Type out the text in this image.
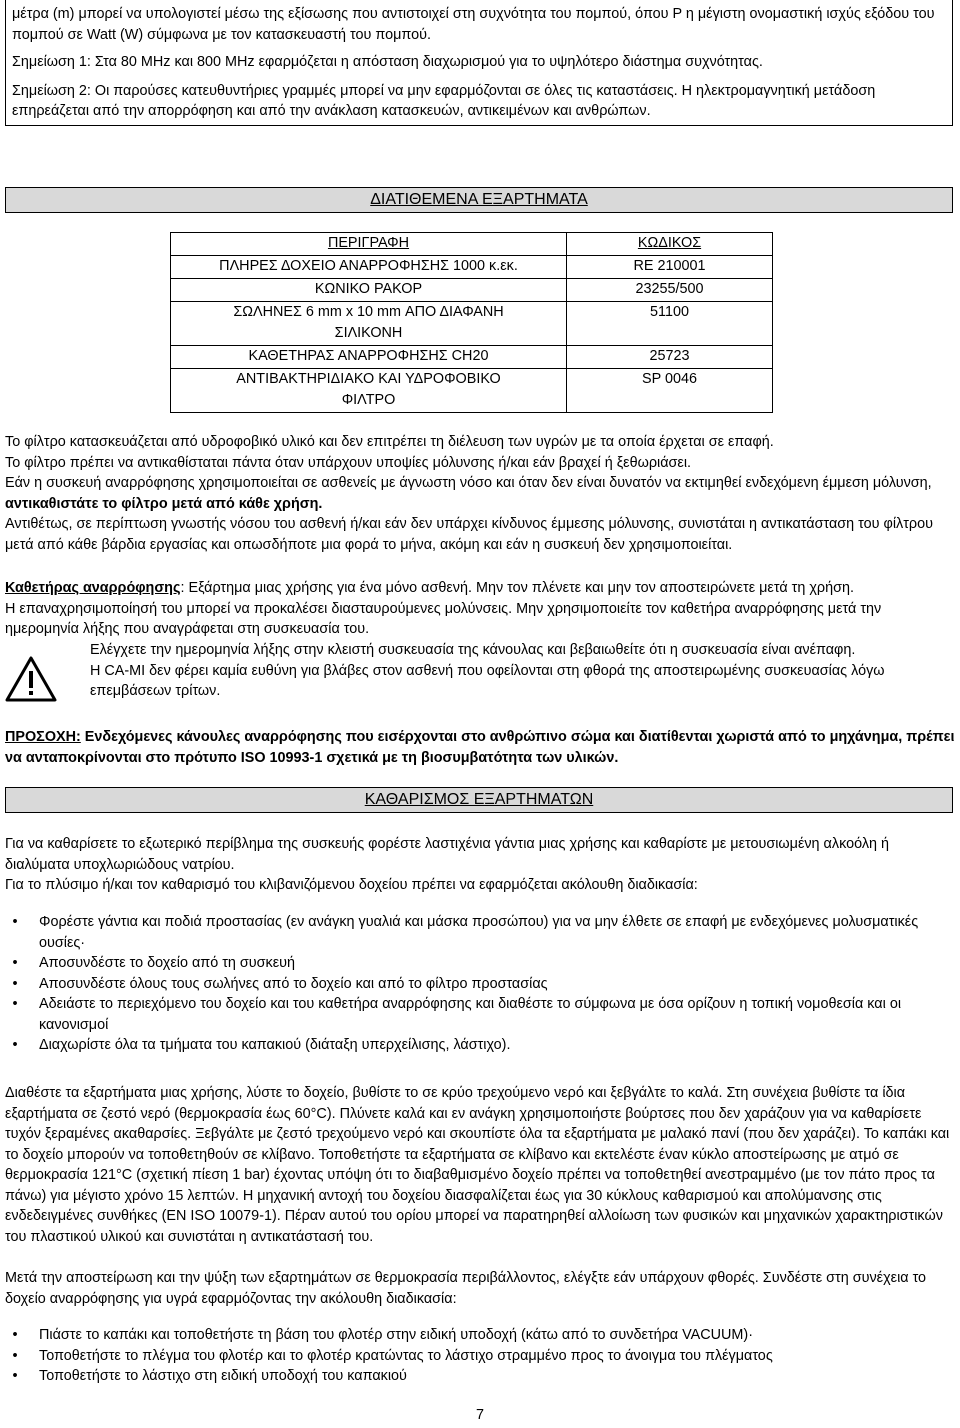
μέτρα (m) μπορεί να υπολογιστεί μέσω της εξίσωσης που αντιστοιχεί στη συχνότητα του πομπού, όπου P η μέγιστη ονομαστική ισχύς εξόδου του πομπού σε Watt (W) σύμφωνα με τον κατασκευαστή του πομπού.

Σημείωση 1: Στα 80 MHz και 800 MHz εφαρμόζεται η απόσταση διαχωρισμού για το υψηλότερο διάστημα συχνότητας.

Σημείωση 2: Οι παρούσες κατευθυντήριες γραμμές μπορεί να μην εφαρμόζονται σε όλες τις καταστάσεις. Η ηλεκτρομαγνητική μετάδοση επηρεάζεται από την απορρόφηση και από την ανάκλαση κατασκευών, αντικειμένων και ανθρώπων.

ΔΙΑΤΙΘΕΜΕΝΑ ΕΞΑΡΤΗΜΑΤΑ
ΠΕΡΙΓΡΑΦΗ	ΚΩΔΙΚΟΣ
ΠΛΗΡΕΣ ΔΟΧΕΙΟ ΑΝΑΡΡΟΦΗΣΗΣ 1000 κ.εκ.	RE 210001
ΚΩΝΙΚΟ ΡΑΚΟΡ	23255/500
ΣΩΛΗΝΕΣ 6 mm x 10 mm ΑΠΟ ΔΙΑΦΑΝΗ ΣΙΛΙΚΟΝΗ	51100
ΚΑΘΕΤΗΡΑΣ ΑΝΑΡΡΟΦΗΣΗΣ CH20	25723
ΑΝΤΙΒΑΚΤΗΡΙΔΙΑΚΟ ΚΑΙ ΥΔΡΟΦΟΒΙΚΟ ΦΙΛΤΡΟ	SP 0046

Το φίλτρο κατασκευάζεται από υδροφοβικό υλικό και δεν επιτρέπει τη διέλευση των υγρών με τα οποία έρχεται σε επαφή.

Το φίλτρο πρέπει να αντικαθίσταται πάντα όταν υπάρχουν υποψίες μόλυνσης ή/και εάν βραχεί ή ξεθωριάσει.

Εάν η συσκευή αναρρόφησης χρησιμοποιείται σε ασθενείς με άγνωστη νόσο και όταν δεν είναι δυνατόν να εκτιμηθεί ενδεχόμενη έμμεση μόλυνση, αντικαθιστάτε το φίλτρο μετά από κάθε χρήση.

Αντιθέτως, σε περίπτωση γνωστής νόσου του ασθενή ή/και εάν δεν υπάρχει κίνδυνος έμμεσης μόλυνσης, συνιστάται η αντικατάσταση του φίλτρου μετά από κάθε βάρδια εργασίας και οπωσδήποτε μια φορά το μήνα, ακόμη και εάν η συσκευή δεν χρησιμοποιείται.

Καθετήρας αναρρόφησης: Εξάρτημα μιας χρήσης για ένα μόνο ασθενή. Μην τον πλένετε και μην τον αποστειρώνετε μετά τη χρήση.

Η επαναχρησιμοποίησή του μπορεί να προκαλέσει διασταυρούμενες μολύνσεις. Μην χρησιμοποιείτε τον καθετήρα αναρρόφησης μετά την ημερομηνία λήξης που αναγράφεται στη συσκευασία του.

Ελέγχετε την ημερομηνία λήξης στην κλειστή συσκευασία της κάνουλας και βεβαιωθείτε ότι η συσκευασία είναι ανέπαφη.

Η CA-MI δεν φέρει καμία ευθύνη για βλάβες στον ασθενή που οφείλονται στη φθορά της αποστειρωμένης συσκευασίας λόγω επεμβάσεων τρίτων.

ΠΡΟΣΟΧΗ: Ενδεχόμενες κάνουλες αναρρόφησης που εισέρχονται στο ανθρώπινο σώμα και διατίθενται χωριστά από το μηχάνημα, πρέπει να ανταποκρίνονται στο πρότυπο ISO 10993-1 σχετικά με τη βιοσυμβατότητα των υλικών.

ΚΑΘΑΡΙΣΜΟΣ ΕΞΑΡΤΗΜΑΤΩΝ

Για να καθαρίσετε το εξωτερικό περίβλημα της συσκευής φορέστε λαστιχένια γάντια μιας χρήσης και καθαρίστε με μετουσιωμένη αλκοόλη ή διαλύματα υποχλωριώδους νατρίου.

Για το πλύσιμο ή/και τον καθαρισμό του κλιβανιζόμενου δοχείου πρέπει να εφαρμόζεται ακόλουθη διαδικασία:

•	Φορέστε γάντια και ποδιά προστασίας (εν ανάγκη γυαλιά και μάσκα προσώπου) για να μην έλθετε σε επαφή με ενδεχόμενες μολυσματικές ουσίες·
•	Αποσυνδέστε το δοχείο από τη συσκευή
•	Αποσυνδέστε όλους τους σωλήνες από το δοχείο και από το φίλτρο προστασίας
•	Αδειάστε το περιεχόμενο του δοχείο και του καθετήρα αναρρόφησης και διαθέστε το σύμφωνα με όσα ορίζουν η τοπική νομοθεσία και οι κανονισμοί
•	Διαχωρίστε όλα τα τμήματα του καπακιού (διάταξη υπερχείλισης, λάστιχο).

Διαθέστε τα εξαρτήματα μιας χρήσης, λύστε το δοχείο, βυθίστε το σε κρύο τρεχούμενο νερό και ξεβγάλτε το καλά. Στη συνέχεια βυθίστε τα ίδια εξαρτήματα σε ζεστό νερό (θερμοκρασία έως 60°C). Πλύνετε καλά και εν ανάγκη χρησιμοποιήστε βούρτσες που δεν χαράζουν για να καθαρίσετε τυχόν ξεραμένες ακαθαρσίες. Ξεβγάλτε με ζεστό τρεχούμενο νερό και σκουπίστε όλα τα εξαρτήματα με μαλακό πανί (που δεν χαράζει). Το καπάκι και το δοχείο μπορούν να τοποθετηθούν σε κλίβανο. Τοποθετήστε τα εξαρτήματα σε κλίβανο και εκτελέστε έναν κύκλο αποστείρωσης με ατμό σε θερμοκρασία 121°C (σχετική πίεση 1 bar) έχοντας υπόψη ότι το διαβαθμισμένο δοχείο πρέπει να τοποθετηθεί ανεστραμμένο (με τον πάτο προς τα πάνω) για μέγιστο χρόνο 15 λεπτών. Η μηχανική αντοχή του δοχείου διασφαλίζεται έως για 30 κύκλους καθαρισμού και απολύμανσης στις ενδεδειγμένες συνθήκες (EN ISO 10079-1). Πέραν αυτού του ορίου μπορεί να παρατηρηθεί αλλοίωση των φυσικών και μηχανικών χαρακτηριστικών του πλαστικού υλικού και συνιστάται η αντικατάστασή του.

Μετά την αποστείρωση και την ψύξη των εξαρτημάτων σε θερμοκρασία περιβάλλοντος, ελέγξτε εάν υπάρχουν φθορές. Συνδέστε στη συνέχεια το δοχείο αναρρόφησης για υγρά εφαρμόζοντας την ακόλουθη διαδικασία:

•	Πιάστε το καπάκι και τοποθετήστε τη βάση του φλοτέρ στην ειδική υποδοχή (κάτω από το συνδετήρα VACUUM)·
•	Τοποθετήστε το πλέγμα του φλοτέρ και το φλοτέρ κρατώντας το λάστιχο στραμμένο προς το άνοιγμα του πλέγματος
•	Τοποθετήστε το λάστιχο στη ειδική υποδοχή του καπακιού
7
